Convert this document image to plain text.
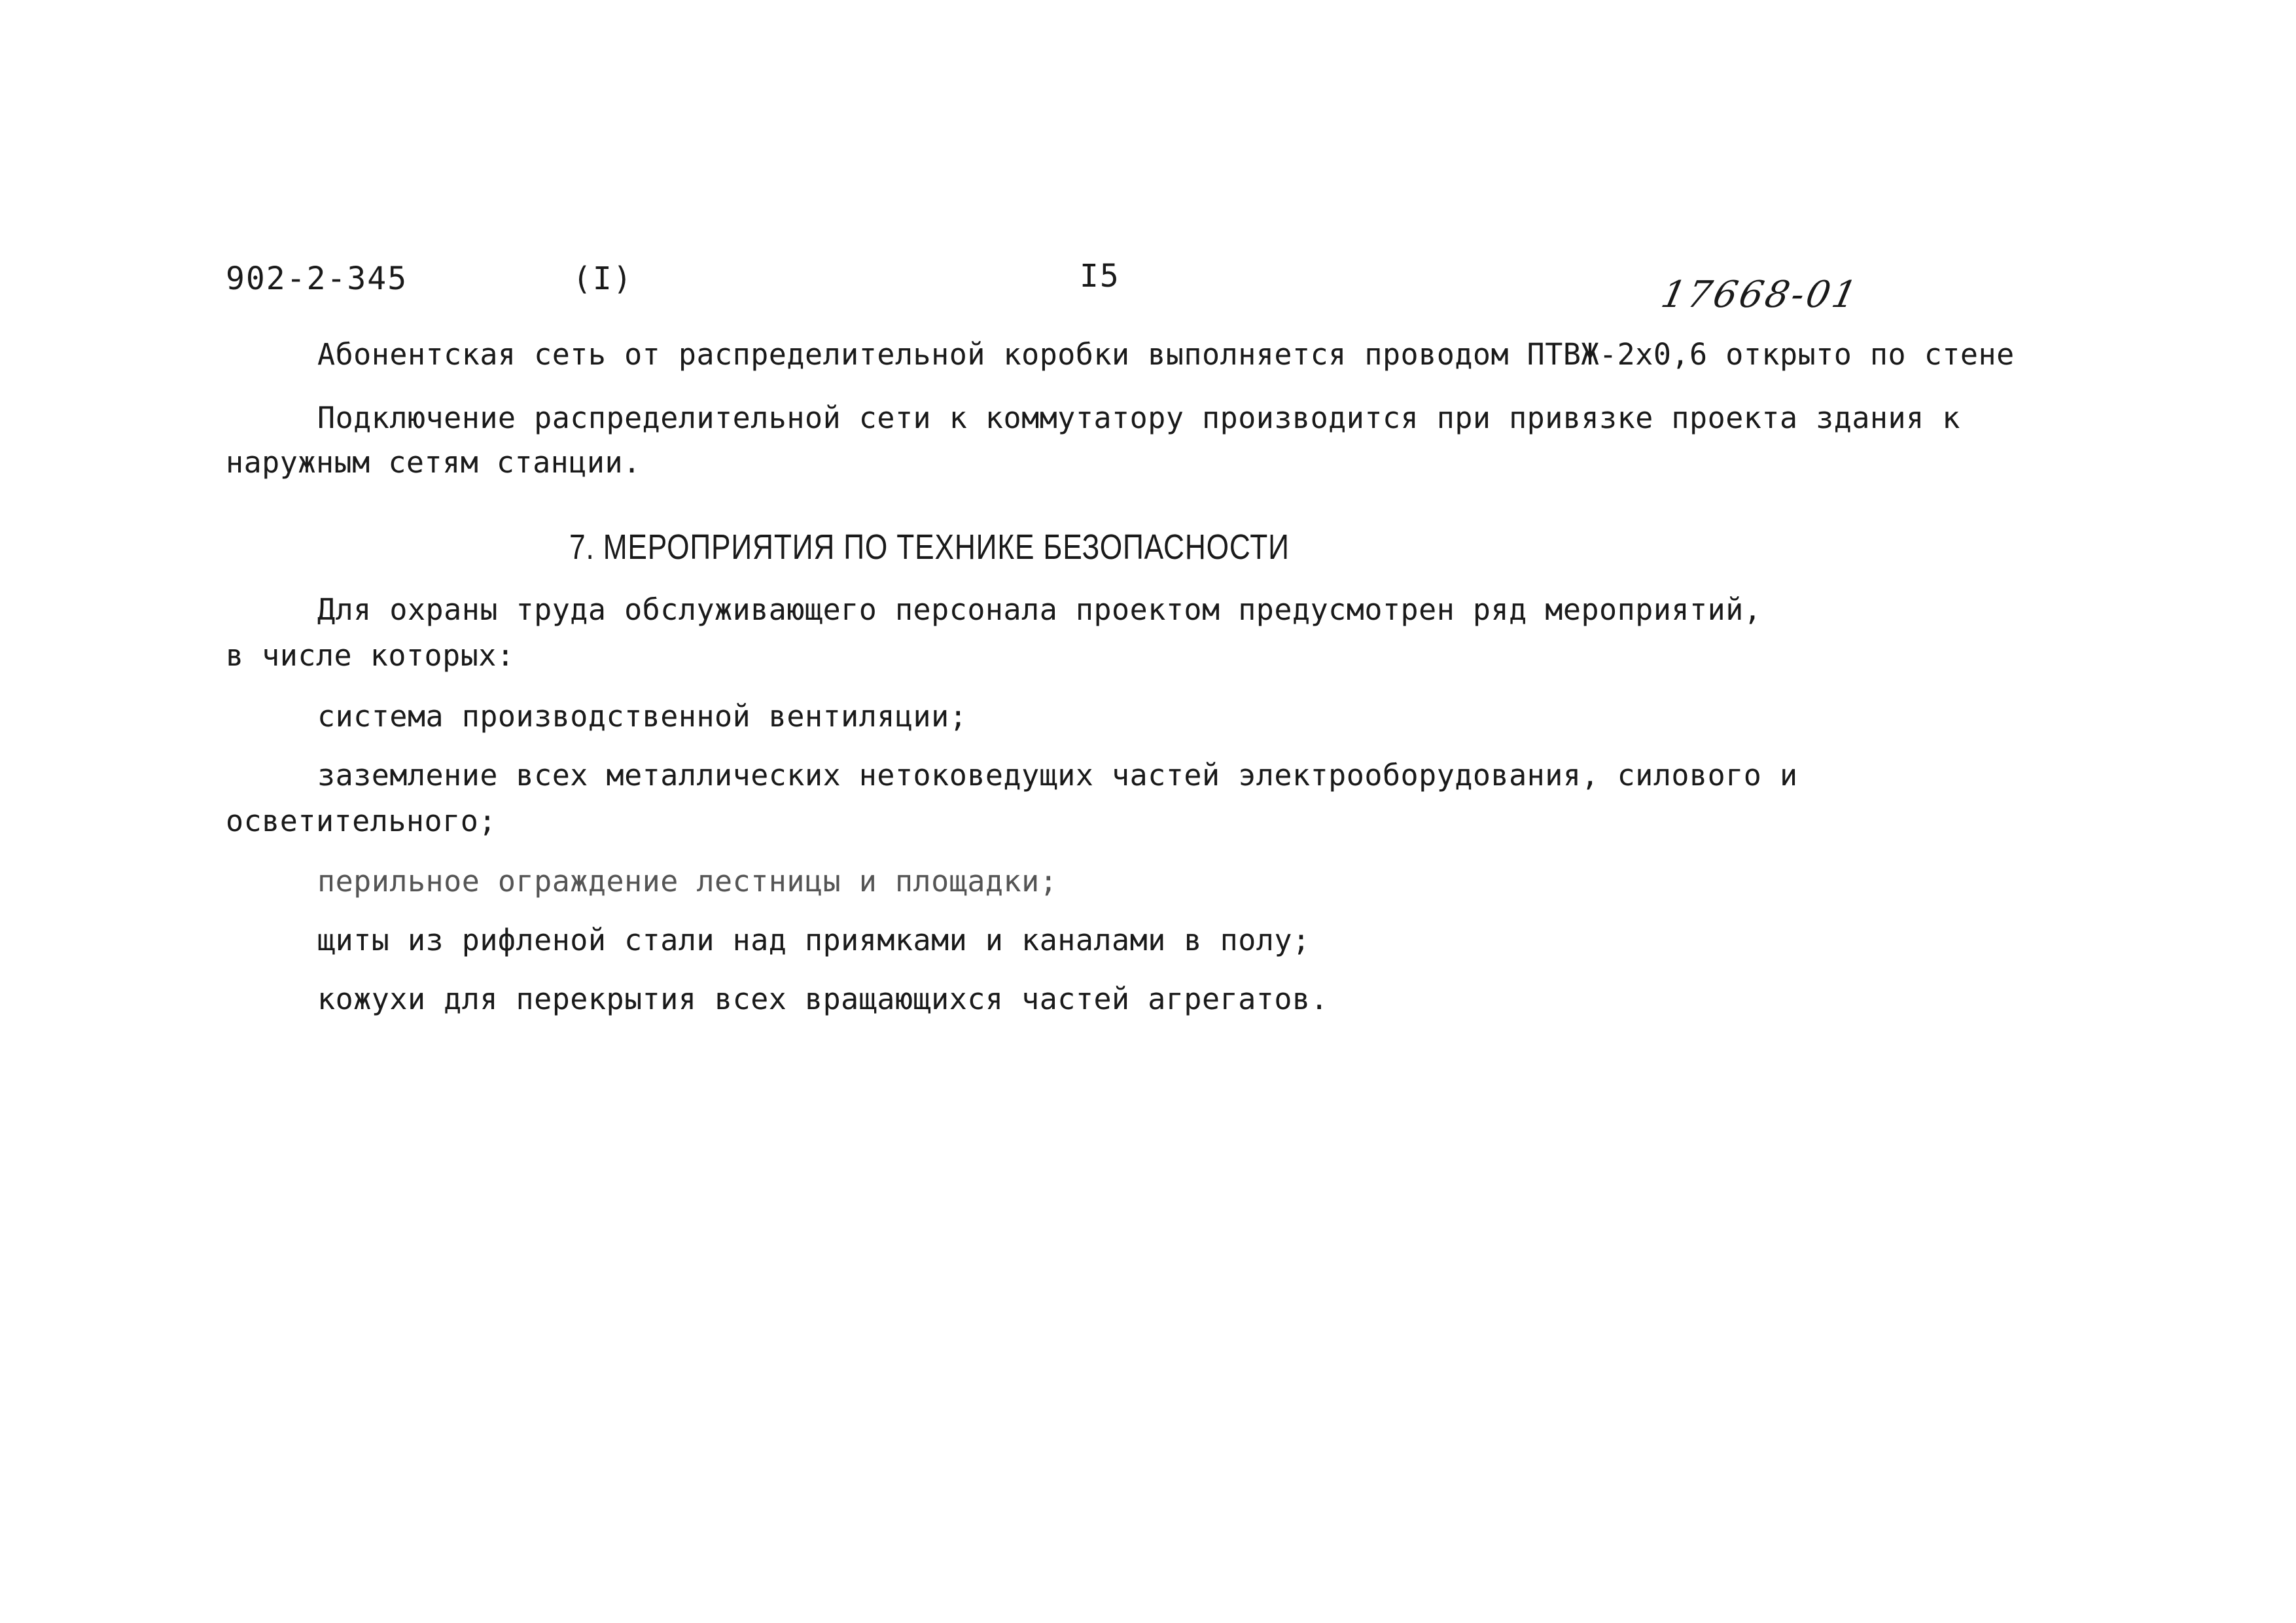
902-2-345	(I)	I5	17668-01
Абонентская сеть от распределительной коробки выполняется проводом ПТВЖ-2х0,6 открыто по стене
Подключение распределительной сети к коммутатору производится при привязке проекта здания к
наружным сетям станции.
7. МЕРОПРИЯТИЯ ПО ТЕХНИКЕ БЕЗОПАСНОСТИ
Для охраны труда обслуживающего персонала проектом предусмотрен ряд мероприятий,
в числе которых:
система производственной вентиляции;
заземление всех металлических нетоковедущих частей электрооборудования, силового и
осветительного;
перильное ограждение лестницы и площадки;
щиты из рифленой стали над приямками и каналами в полу;
кожухи для перекрытия всех вращающихся частей агрегатов.
